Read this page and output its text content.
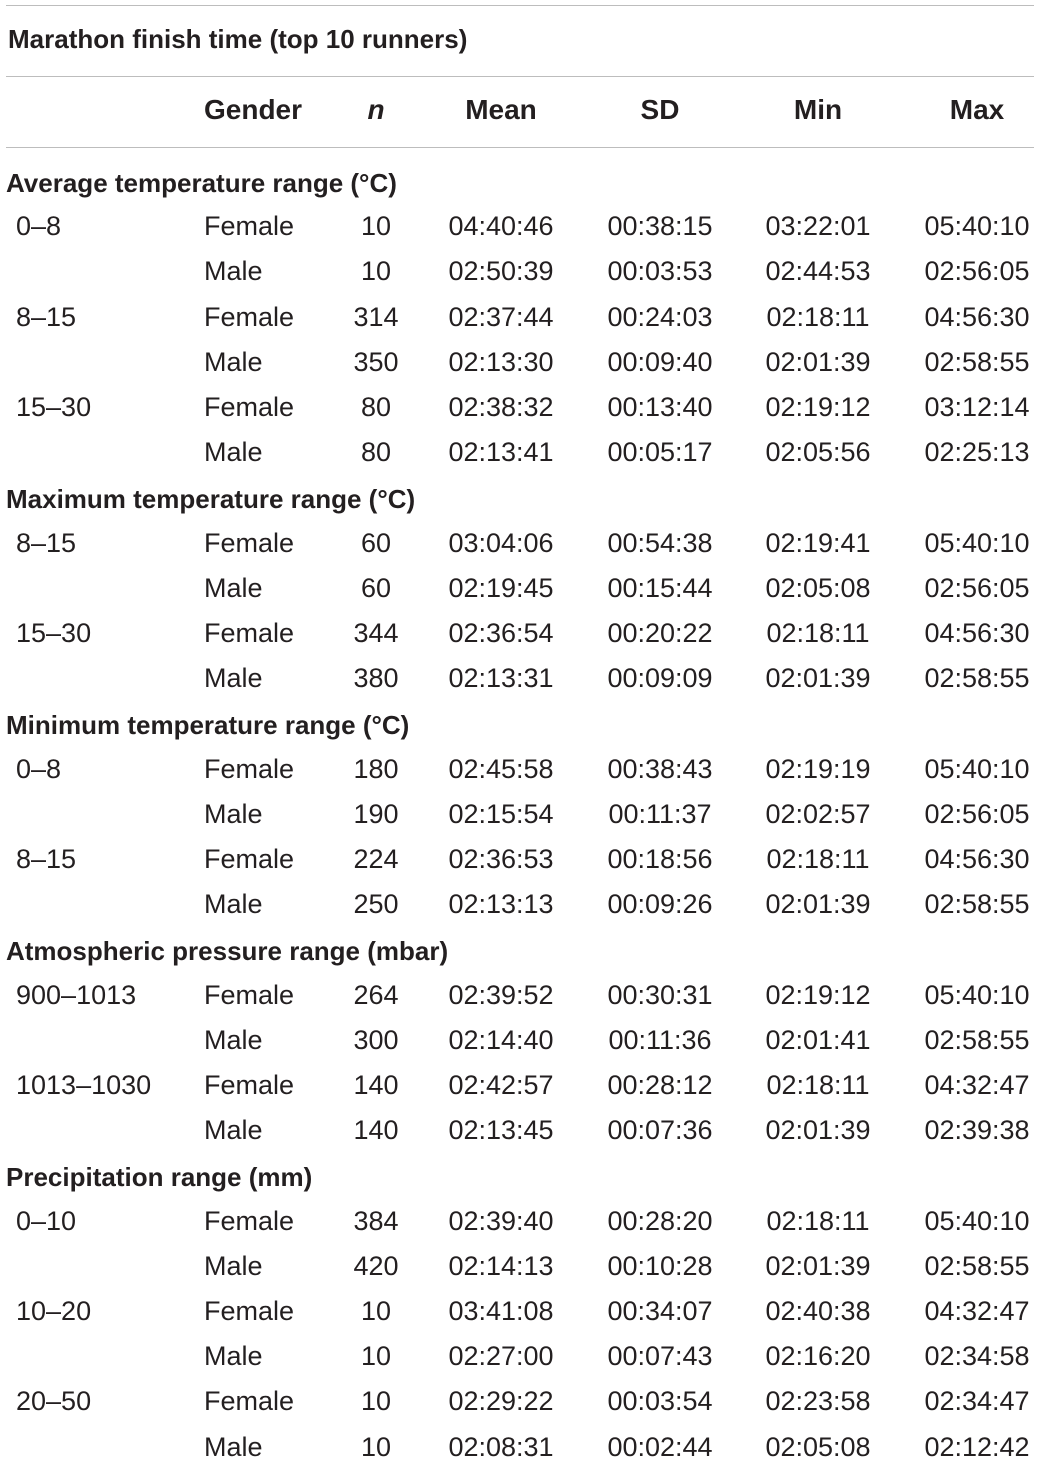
Marathon finish time (top 10 runners)
Gender n	Mean	SD	Min	Max
Average temperature range (°C)
0–8	Female 10 04:40:46 00:38:15 03:22:01 05:40:10
Male	10 02:50:39 00:03:53 02:44:53 02:56:05
8–15	Female 314 02:37:44 00:24:03 02:18:11 04:56:30
Male	350 02:13:30 00:09:40 02:01:39 02:58:55
15–30	Female 80 02:38:32 00:13:40 02:19:12 03:12:14
Male	80 02:13:41 00:05:17 02:05:56 02:25:13
Maximum temperature range (°C)
8–15	Female 60 03:04:06 00:54:38 02:19:41 05:40:10
Male	60 02:19:45 00:15:44 02:05:08 02:56:05
15–30	Female 344 02:36:54 00:20:22 02:18:11 04:56:30
Male	380 02:13:31 00:09:09 02:01:39 02:58:55
Minimum temperature range (°C)
0–8	Female 180 02:45:58 00:38:43 02:19:19 05:40:10
Male	190 02:15:54 00:11:37 02:02:57 02:56:05
8–15	Female 224 02:36:53 00:18:56 02:18:11 04:56:30
Male	250 02:13:13 00:09:26 02:01:39 02:58:55
Atmospheric pressure range (mbar)
900–1013	Female 264 02:39:52 00:30:31 02:19:12 05:40:10
Male	300 02:14:40 00:11:36 02:01:41 02:58:55
1013–1030 Female 140 02:42:57 00:28:12 02:18:11 04:32:47
Male	140 02:13:45 00:07:36 02:01:39 02:39:38
Precipitation range (mm)
0–10	Female 384 02:39:40 00:28:20 02:18:11 05:40:10
Male	420 02:14:13 00:10:28 02:01:39 02:58:55
10–20	Female 10 03:41:08 00:34:07 02:40:38 04:32:47
Male	10 02:27:00 00:07:43 02:16:20 02:34:58
20–50	Female 10 02:29:22 00:03:54 02:23:58 02:34:47
Male	10 02:08:31 00:02:44 02:05:08 02:12:42
